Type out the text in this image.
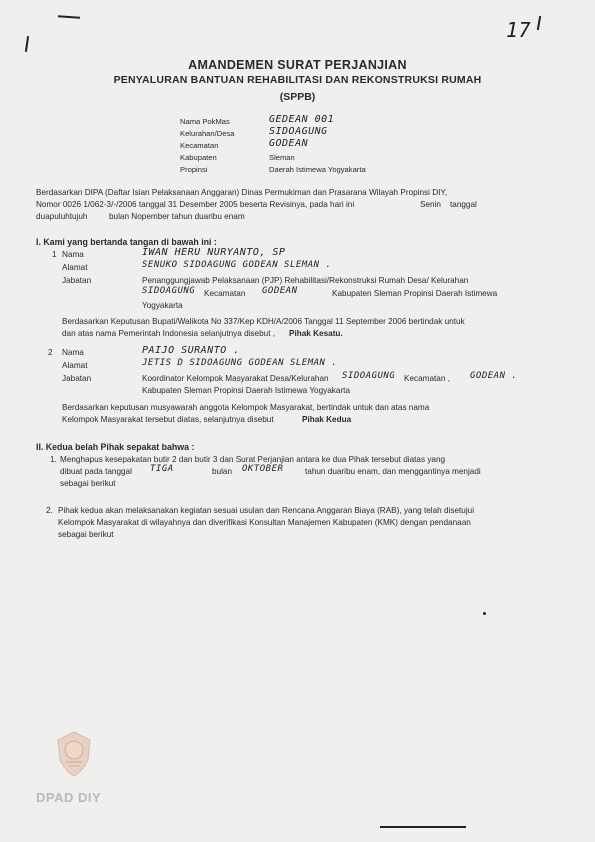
17
AMANDEMEN SURAT PERJANJIAN
PENYALURAN BANTUAN REHABILITASI DAN REKONSTRUKSI RUMAH
(SPPB)
Nama PokMas	GEDEAN 001
Kelurahan/Desa	SIDOAGUNG
Kecamatan	GODEAN
Kabupaten	Sleman
Propinsi	Daerah Istimewa Yogyakarta
Berdasarkan DIPA (Daftar Isian Pelaksanaan Anggaran) Dinas Permukiman dan Prasarana Wilayah Propinsi DIY,
Nomor 0026 1/062-3/-/2006 tanggal 31 Desember 2005 beserta Revisinya, pada hari ini	Senin tanggal
duapuluhtujuh	bulan Nopember tahun duaribu enam
I. Kami yang bertanda tangan di bawah ini :
1 Nama	IWAN HERU NURYANTO, SP
Alamat	SENUKO SIDOAGUNG GODEAN SLEMAN .
Jabatan	Penanggungjawab Pelaksanaan (PJP) Rehabilitasi/Rekonstruksi Rumah Desa/ Kelurahan
SIDOAGUNG Kecamatan GODEAN	Kabupaten Sleman Propinsi Daerah Istimewa
Yogyakarta
Berdasarkan Keputusan Bupati/Walikota No 337/Kep KDH/A/2006 Tanggal 11 September 2006 bertindak untuk
dan atas nama Pemerintah Indonesia selanjutnya disebut , Pihak Kesatu.
2 Nama	PAIJO SURANTO .
Alamat	JETIS D SIDOAGUNG GODEAN SLEMAN .
Jabatan	Koordinator Kelompok Masyarakat Desa/Kelurahan SIDOAGUNG Kecamatan , GODEAN .
Kabupaten Sleman Propinsi Daerah Istimewa Yogyakarta
Berdasarkan keputusan musyawarah anggota Kelompok Masyarakat, bertindak untuk dan atas nama
Kelompok Masyarakat tersebut diatas, selanjutnya disebut	Pihak Kedua
II. Kedua belah Pihak sepakat bahwa :
1. Menghapus kesepakatan butir 2 dan butir 3 dan Surat Perjanjian antara ke dua Pihak tersebut diatas yang
dibuat pada tanggal TIGA	bulan OKTOBER	tahun duaribu enam, dan menggantinya menjadi
sebagai berikut
2. Pihak kedua akan melaksanakan kegiatan sesuai usulan dan Rencana Anggaran Biaya (RAB), yang telah disetujui
Kelompok Masyarakat di wilayahnya dan diverifikasi Konsultan Manajemen Kabupaten (KMK) dengan pendanaan
sebagai berikut
DPAD DIY
